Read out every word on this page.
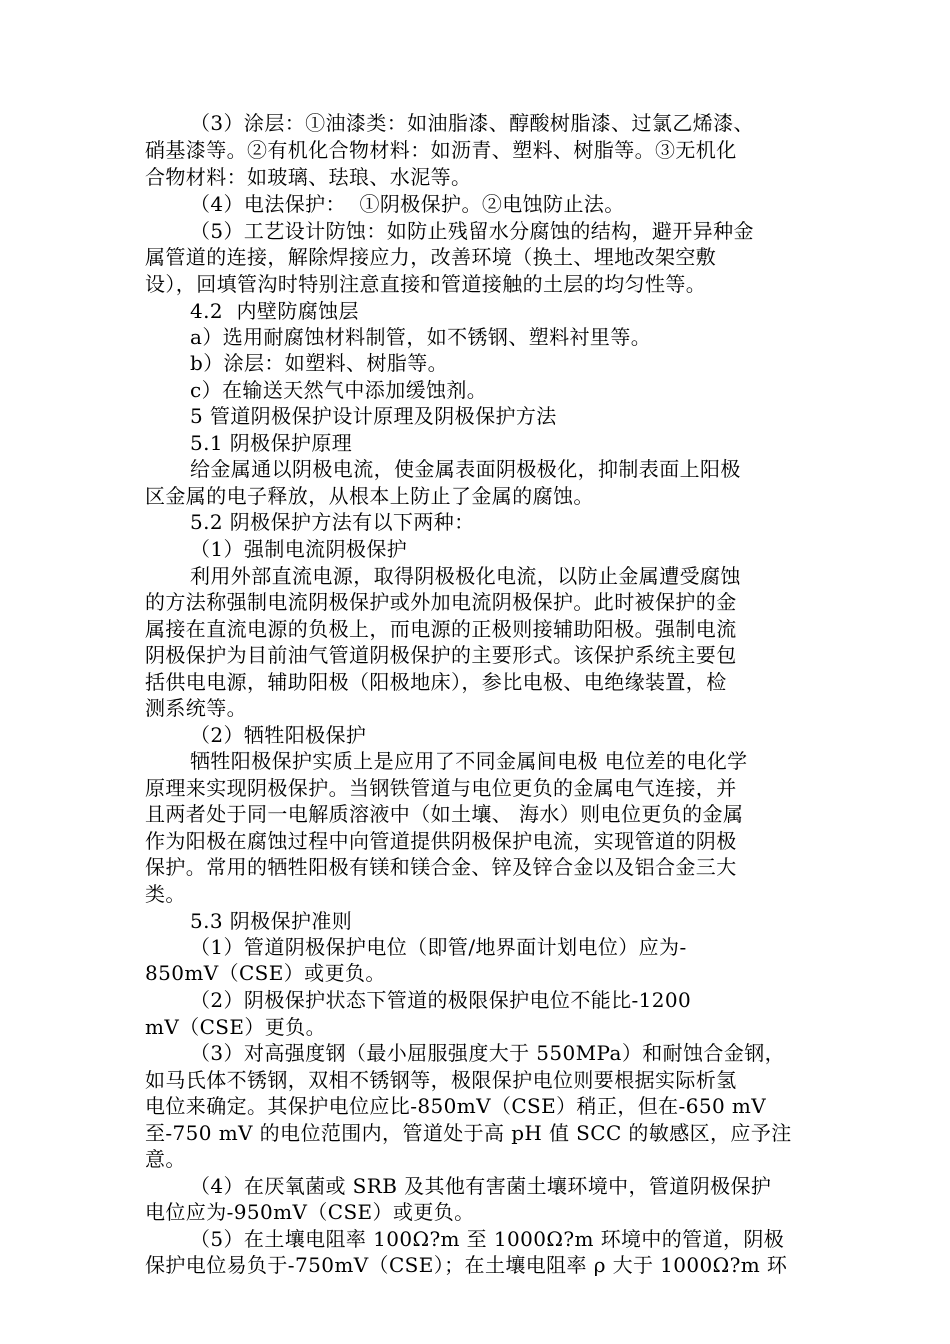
（3）涂层：①油漆类：如油脂漆、醇酸树脂漆、过氯乙烯漆、

硝基漆等。②有机化合物材料：如沥青、塑料、树脂等。③无机化

合物材料：如玻璃、珐琅、水泥等。

（4）电法保护：  ①阴极保护。②电蚀防止法。

（5）工艺设计防蚀：如防止残留水分腐蚀的结构，避开异种金

属管道的连接，解除焊接应力，改善环境（换土、埋地改架空敷

设），回填管沟时特别注意直接和管道接触的土层的均匀性等。

4.2  内壁防腐蚀层

a）选用耐腐蚀材料制管，如不锈钢、塑料衬里等。

b）涂层：如塑料、树脂等。

c）在输送天然气中添加缓蚀剂。

5 管道阴极保护设计原理及阴极保护方法

5.1 阴极保护原理

给金属通以阴极电流，使金属表面阴极极化，抑制表面上阳极

区金属的电子释放，从根本上防止了金属的腐蚀。

5.2 阴极保护方法有以下两种：

（1）强制电流阴极保护

利用外部直流电源，取得阴极极化电流，以防止金属遭受腐蚀

的方法称强制电流阴极保护或外加电流阴极保护。此时被保护的金

属接在直流电源的负极上，而电源的正极则接辅助阳极。强制电流

阴极保护为目前油气管道阴极保护的主要形式。该保护系统主要包

括供电电源，辅助阳极（阳极地床），参比电极、电绝缘装置，检

测系统等。

（2）牺牲阳极保护

牺牲阳极保护实质上是应用了不同金属间电极 电位差的电化学

原理来实现阴极保护。当钢铁管道与电位更负的金属电气连接，并

且两者处于同一电解质溶液中（如土壤、 海水）则电位更负的金属

作为阳极在腐蚀过程中向管道提供阴极保护电流，实现管道的阴极

保护。常用的牺牲阳极有镁和镁合金、锌及锌合金以及铝合金三大

类。

5.3 阴极保护准则

（1）管道阴极保护电位（即管/地界面计划电位）应为-

850mV（CSE）或更负。

（2）阴极保护状态下管道的极限保护电位不能比-1200

mV（CSE）更负。

（3）对高强度钢（最小屈服强度大于 550MPa）和耐蚀合金钢，

如马氏体不锈钢，双相不锈钢等，极限保护电位则要根据实际析氢

电位来确定。其保护电位应比-850mV（CSE）稍正，但在-650 mV

至-750 mV 的电位范围内，管道处于高 pH 值 SCC 的敏感区，应予注

意。

（4）在厌氧菌或 SRB 及其他有害菌土壤环境中，管道阴极保护

电位应为-950mV（CSE）或更负。

（5）在土壤电阻率 100Ω?m 至 1000Ω?m 环境中的管道，阴极

保护电位易负于-750mV（CSE）；在土壤电阻率 ρ 大于 1000Ω?m 环
